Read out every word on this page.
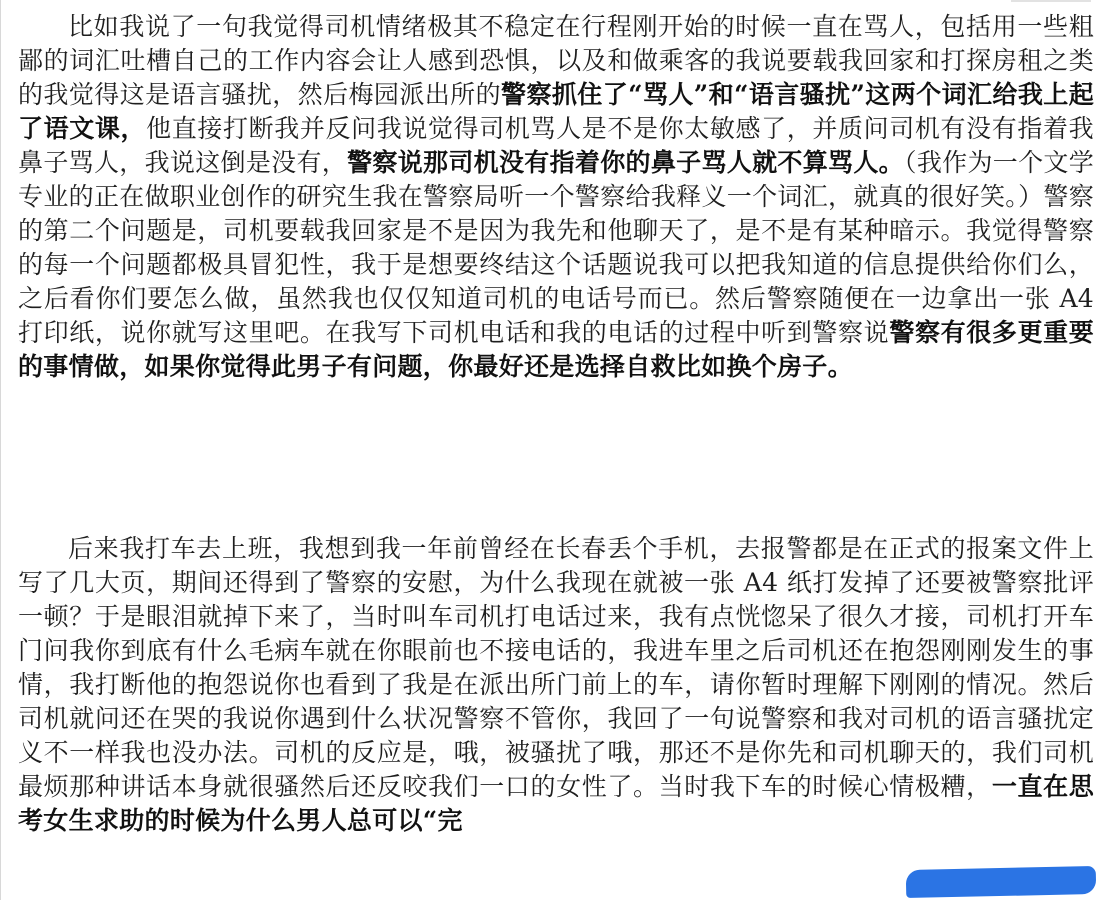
比如我说了一句我觉得司机情绪极其不稳定在行程刚开始的时候一直在骂人，包括用一些粗鄙的词汇吐槽自己的工作内容会让人感到恐惧，以及和做乘客的我说要载我回家和打探房租之类的我觉得这是语言骚扰，然后梅园派出所的警察抓住了“骂人”和“语言骚扰”这两个词汇给我上起了语文课，他直接打断我并反问我说觉得司机骂人是不是你太敏感了，并质问司机有没有指着我鼻子骂人，我说这倒是没有，警察说那司机没有指着你的鼻子骂人就不算骂人。（我作为一个文学专业的正在做职业创作的研究生我在警察局听一个警察给我释义一个词汇，就真的很好笑。）警察的第二个问题是，司机要载我回家是不是因为我先和他聊天了，是不是有某种暗示。我觉得警察的每一个问题都极具冒犯性，我于是想要终结这个话题说我可以把我知道的信息提供给你们么，之后看你们要怎么做，虽然我也仅仅知道司机的电话号而已。然后警察随便在一边拿出一张 A4 打印纸，说你就写这里吧。在我写下司机电话和我的电话的过程中听到警察说警察有很多更重要的事情做，如果你觉得此男子有问题，你最好还是选择自救比如换个房子。

后来我打车去上班，我想到我一年前曾经在长春丢个手机，去报警都是在正式的报案文件上写了几大页，期间还得到了警察的安慰，为什么我现在就被一张 A4 纸打发掉了还要被警察批评一顿？于是眼泪就掉下来了，当时叫车司机打电话过来，我有点恍惚呆了很久才接，司机打开车门问我你到底有什么毛病车就在你眼前也不接电话的，我进车里之后司机还在抱怨刚刚发生的事情，我打断他的抱怨说你也看到了我是在派出所门前上的车，请你暂时理解下刚刚的情况。然后司机就问还在哭的我说你遇到什么状况警察不管你，我回了一句说警察和我对司机的语言骚扰定义不一样我也没办法。司机的反应是，哦，被骚扰了哦，那还不是你先和司机聊天的，我们司机最烦那种讲话本身就很骚然后还反咬我们一口的女性了。当时我下车的时候心情极糟，一直在思考女生求助的时候为什么男人总可以“完
